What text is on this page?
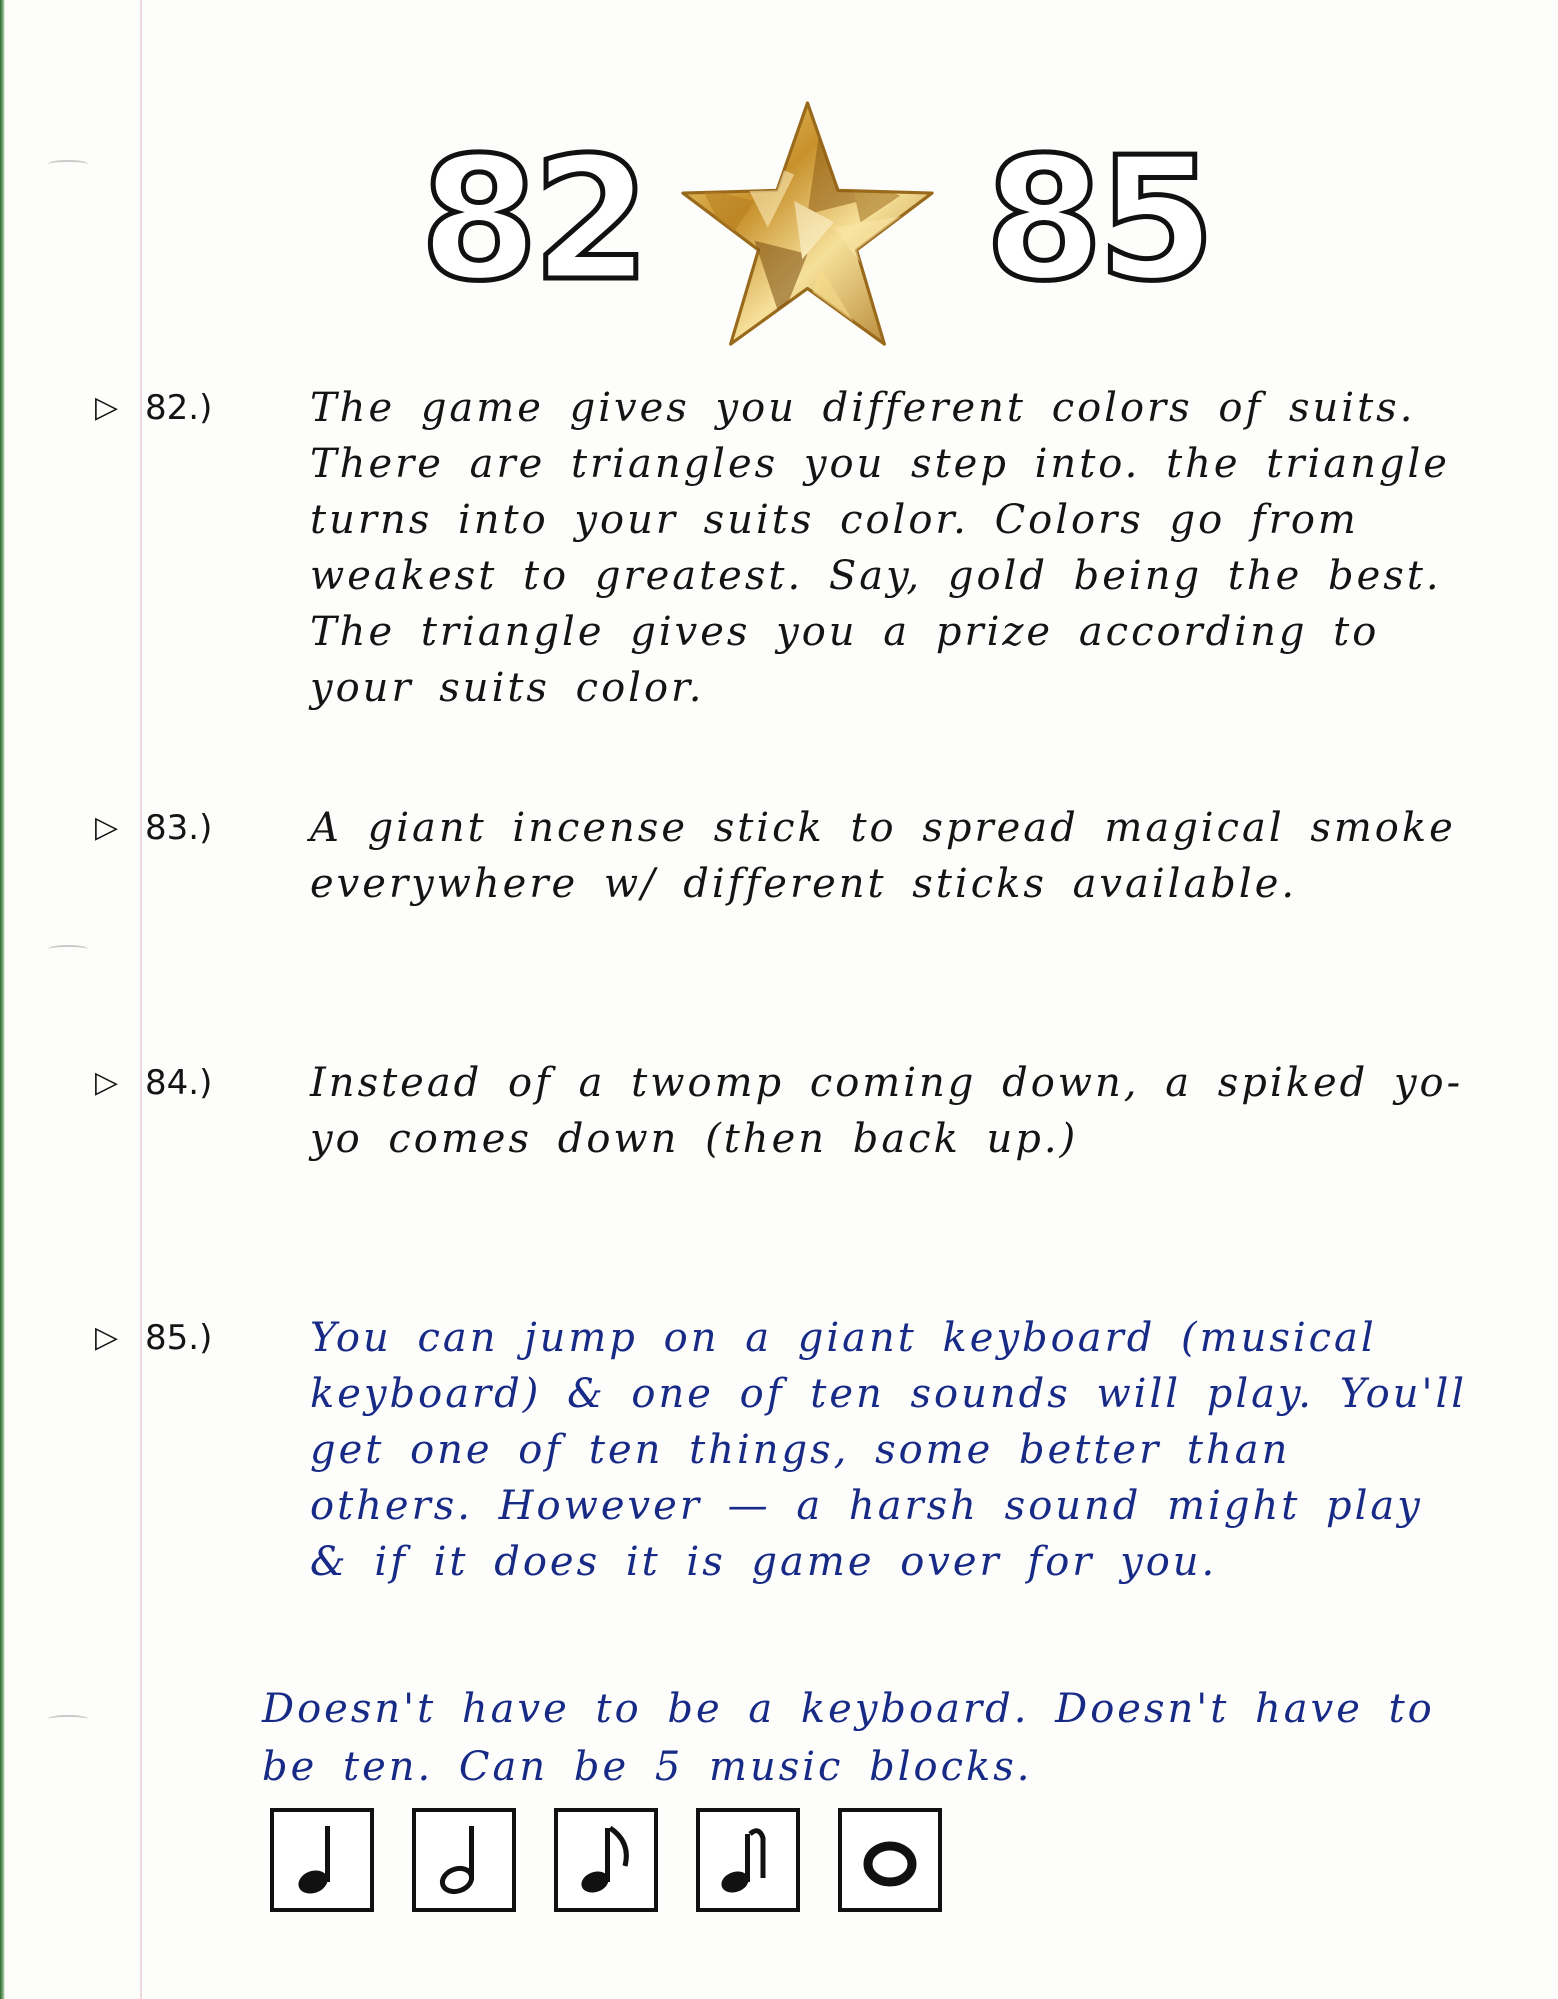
82 85
▷ 82.) The game gives you different colors of suits. There are triangles you step into. the triangle turns into your suits color. Colors go from weakest to greatest. Say, gold being the best. The triangle gives you a prize according to your suits color.
▷ 83.) A giant incense stick to spread magical smoke everywhere w/ different sticks available.
▷ 84.) Instead of a twomp coming down, a spiked yo-yo comes down (then back up.)
▷ 85.) You can jump on a giant keyboard (musical keyboard) & one of ten sounds will play. You'll get one of ten things, some better than others. However — a harsh sound might play & if it does it is game over for you.
Doesn't have to be a keyboard. Doesn't have to be ten. Can be 5 music blocks.
